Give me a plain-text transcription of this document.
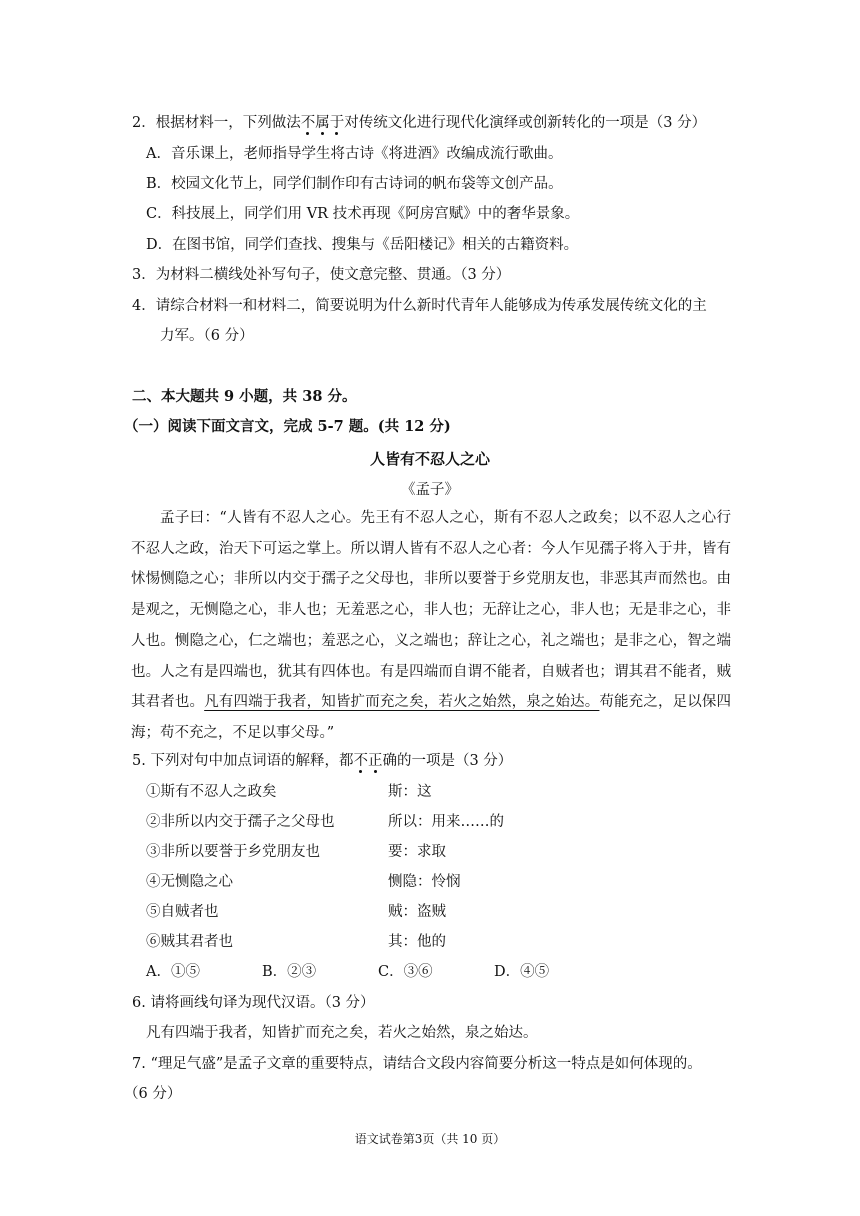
2．根据材料一，下列做法不属于对传统文化进行现代化演绎或创新转化的一项是（3 分）
A．音乐课上，老师指导学生将古诗《将进酒》改编成流行歌曲。
B．校园文化节上，同学们制作印有古诗词的帆布袋等文创产品。
C．科技展上，同学们用 VR 技术再现《阿房宫赋》中的奢华景象。
D．在图书馆，同学们查找、搜集与《岳阳楼记》相关的古籍资料。
3．为材料二横线处补写句子，使文意完整、贯通。（3 分）
4．请综合材料一和材料二，简要说明为什么新时代青年人能够成为传承发展传统文化的主
力军。（6 分）
二、本大题共 9 小题，共 38 分。
（一）阅读下面文言文，完成 5-7 题。(共 12 分)
人皆有不忍人之心
《孟子》
孟子曰：“人皆有不忍人之心。先王有不忍人之心，斯有不忍人之政矣；以不忍人之心行不忍人之政，治天下可运之掌上。所以谓人皆有不忍人之心者：今人乍见孺子将入于井，皆有怵惕恻隐之心；非所以内交于孺子之父母也，非所以要誉于乡党朋友也，非恶其声而然也。由是观之，无恻隐之心，非人也；无羞恶之心，非人也；无辞让之心，非人也；无是非之心，非人也。恻隐之心，仁之端也；羞恶之心，义之端也；辞让之心，礼之端也；是非之心，智之端也。人之有是四端也，犹其有四体也。有是四端而自谓不能者，自贼者也；谓其君不能者，贼其君者也。凡有四端于我者，知皆扩而充之矣，若火之始然，泉之始达。苟能充之，足以保四海；苟不充之，不足以事父母。”
5. 下列对句中加点词语的解释，都不正确的一项是（3 分）
①斯有不忍人之政矣	斯：这
②非所以内交于孺子之父母也	所以：用来……的
③非所以要誉于乡党朋友也	要：求取
④无恻隐之心	恻隐：怜悯
⑤自贼者也	贼：盗贼
⑥贼其君者也	其：他的
A．①⑤	B．②③	C．③⑥	D．④⑤
6. 请将画线句译为现代汉语。（3 分）
凡有四端于我者，知皆扩而充之矣，若火之始然，泉之始达。
7. “理足气盛”是孟子文章的重要特点，请结合文段内容简要分析这一特点是如何体现的。
（6 分）
语文试卷第3页（共 10 页）
